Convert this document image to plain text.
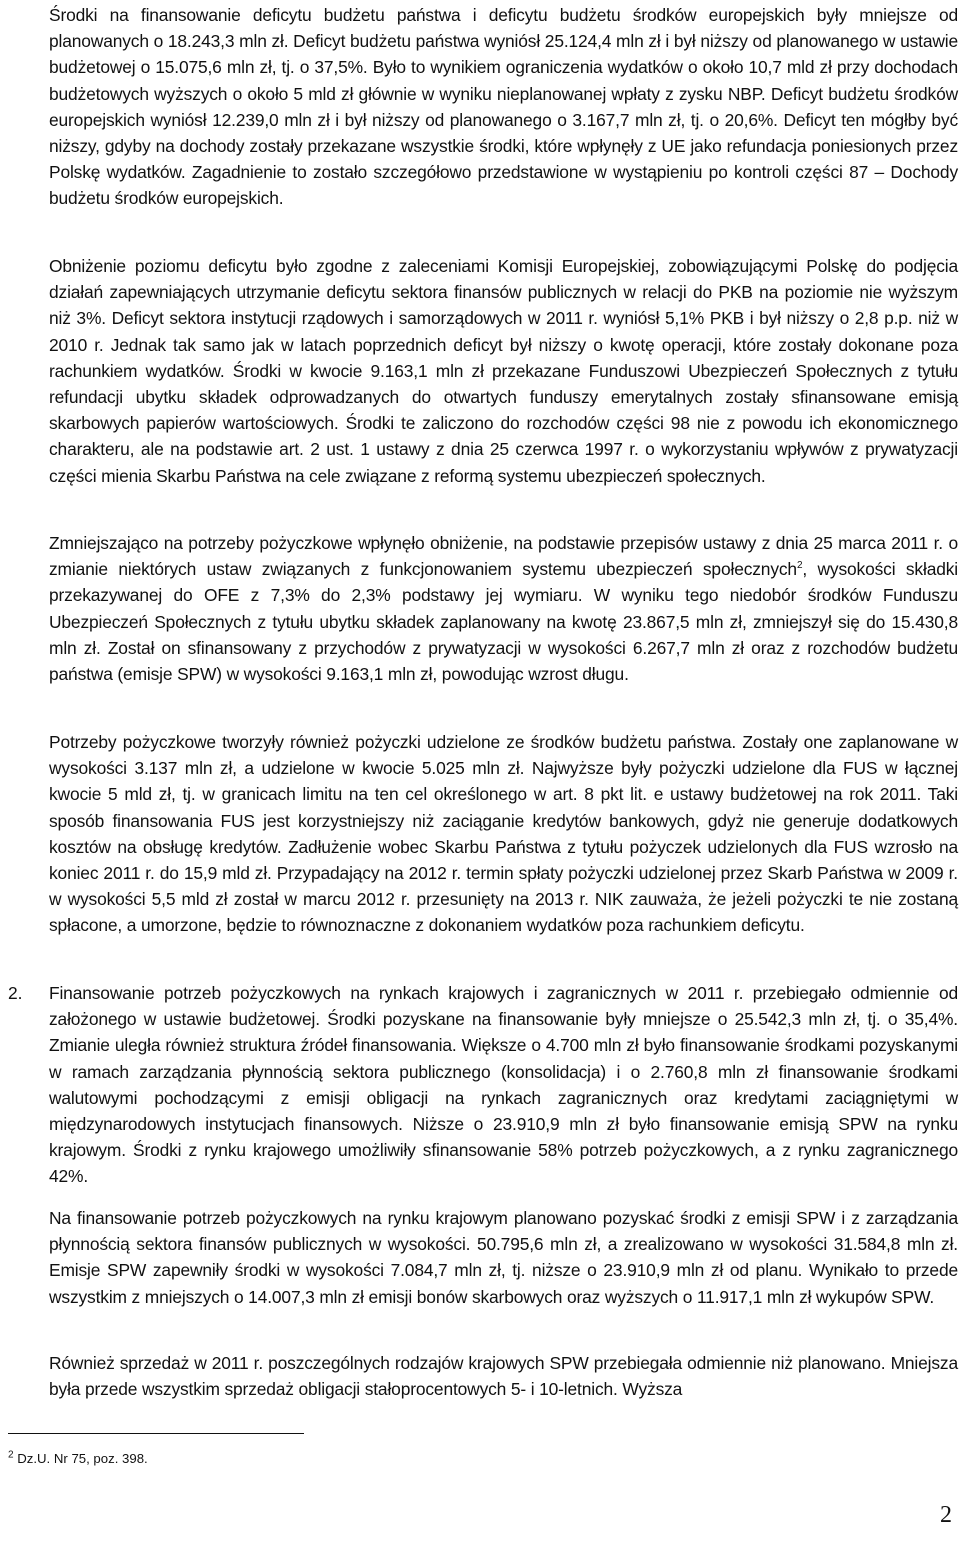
Środki na finansowanie deficytu budżetu państwa i deficytu budżetu środków europejskich były mniejsze od planowanych o 18.243,3 mln zł. Deficyt budżetu państwa wyniósł 25.124,4 mln zł i był niższy od planowanego w ustawie budżetowej o 15.075,6 mln zł, tj. o 37,5%. Było to wynikiem ograniczenia wydatków o około 10,7 mld zł przy dochodach budżetowych wyższych o około 5 mld zł głównie w wyniku nieplanowanej wpłaty z zysku NBP. Deficyt budżetu środków europejskich wyniósł 12.239,0 mln zł i był niższy od planowanego o 3.167,7 mln zł, tj. o 20,6%. Deficyt ten mógłby być niższy, gdyby na dochody zostały przekazane wszystkie środki, które wpłynęły z UE jako refundacja poniesionych przez Polskę wydatków. Zagadnienie to zostało szczegółowo przedstawione w wystąpieniu po kontroli części 87 – Dochody budżetu środków europejskich.

Obniżenie poziomu deficytu było zgodne z zaleceniami Komisji Europejskiej, zobowiązującymi Polskę do podjęcia działań zapewniających utrzymanie deficytu sektora finansów publicznych w relacji do PKB na poziomie nie wyższym niż 3%. Deficyt sektora instytucji rządowych i samorządowych w 2011 r. wyniósł 5,1% PKB i był niższy o 2,8 p.p. niż w 2010 r. Jednak tak samo jak w latach poprzednich deficyt był niższy o kwotę operacji, które zostały dokonane poza rachunkiem wydatków. Środki w kwocie 9.163,1 mln zł przekazane Funduszowi Ubezpieczeń Społecznych z tytułu refundacji ubytku składek odprowadzanych do otwartych funduszy emerytalnych zostały sfinansowane emisją skarbowych papierów wartościowych. Środki te zaliczono do rozchodów części 98 nie z powodu ich ekonomicznego charakteru, ale na podstawie art. 2 ust. 1 ustawy z dnia 25 czerwca 1997 r. o wykorzystaniu wpływów z prywatyzacji części mienia Skarbu Państwa na cele związane z reformą systemu ubezpieczeń społecznych.

Zmniejszająco na potrzeby pożyczkowe wpłynęło obniżenie, na podstawie przepisów ustawy z dnia 25 marca 2011 r. o zmianie niektórych ustaw związanych z funkcjonowaniem systemu ubezpieczeń społecznych$^2$, wysokości składki przekazywanej do OFE z 7,3% do 2,3% podstawy jej wymiaru. W wyniku tego niedobór środków Funduszu Ubezpieczeń Społecznych z tytułu ubytku składek zaplanowany na kwotę 23.867,5 mln zł, zmniejszył się do 15.430,8 mln zł. Został on sfinansowany z przychodów z prywatyzacji w wysokości 6.267,7 mln zł oraz z rozchodów budżetu państwa (emisje SPW) w wysokości 9.163,1 mln zł, powodując wzrost długu.

Potrzeby pożyczkowe tworzyły również pożyczki udzielone ze środków budżetu państwa. Zostały one zaplanowane w wysokości 3.137 mln zł, a udzielone w kwocie 5.025 mln zł. Najwyższe były pożyczki udzielone dla FUS w łącznej kwocie 5 mld zł, tj. w granicach limitu na ten cel określonego w art. 8 pkt lit. e ustawy budżetowej na rok 2011. Taki sposób finansowania FUS jest korzystniejszy niż zaciąganie kredytów bankowych, gdyż nie generuje dodatkowych kosztów na obsługę kredytów. Zadłużenie wobec Skarbu Państwa z tytułu pożyczek udzielonych dla FUS wzrosło na koniec 2011 r. do 15,9 mld zł. Przypadający na 2012 r. termin spłaty pożyczki udzielonej przez Skarb Państwa w 2009 r. w wysokości 5,5 mld zł został w marcu 2012 r. przesunięty na 2013 r. NIK zauważa, że jeżeli pożyczki te nie zostaną spłacone, a umorzone, będzie to równoznaczne z dokonaniem wydatków poza rachunkiem deficytu.

2. Finansowanie potrzeb pożyczkowych na rynkach krajowych i zagranicznych w 2011 r. przebiegało odmiennie od założonego w ustawie budżetowej. Środki pozyskane na finansowanie były mniejsze o 25.542,3 mln zł, tj. o 35,4%. Zmianie uległa również struktura źródeł finansowania. Większe o 4.700 mln zł było finansowanie środkami pozyskanymi w ramach zarządzania płynnością sektora publicznego (konsolidacja) i o 2.760,8 mln zł finansowanie środkami walutowymi pochodzącymi z emisji obligacji na rynkach zagranicznych oraz kredytami zaciągniętymi w międzynarodowych instytucjach finansowych. Niższe o 23.910,9 mln zł było finansowanie emisją SPW na rynku krajowym. Środki z rynku krajowego umożliwiły sfinansowanie 58% potrzeb pożyczkowych, a z rynku zagranicznego 42%.

Na finansowanie potrzeb pożyczkowych na rynku krajowym planowano pozyskać środki z emisji SPW i z zarządzania płynnością sektora finansów publicznych w wysokości. 50.795,6 mln zł, a zrealizowano w wysokości 31.584,8 mln zł. Emisje SPW zapewniły środki w wysokości 7.084,7 mln zł, tj. niższe o 23.910,9 mln zł od planu. Wynikało to przede wszystkim z mniejszych o 14.007,3 mln zł emisji bonów skarbowych oraz wyższych o 11.917,1 mln zł wykupów SPW.

Również sprzedaż w 2011 r. poszczególnych rodzajów krajowych SPW przebiegała odmiennie niż planowano. Mniejsza była przede wszystkim sprzedaż obligacji stałoprocentowych 5- i 10-letnich. Wyższa

$^2$ Dz.U. Nr 75, poz. 398.

2
